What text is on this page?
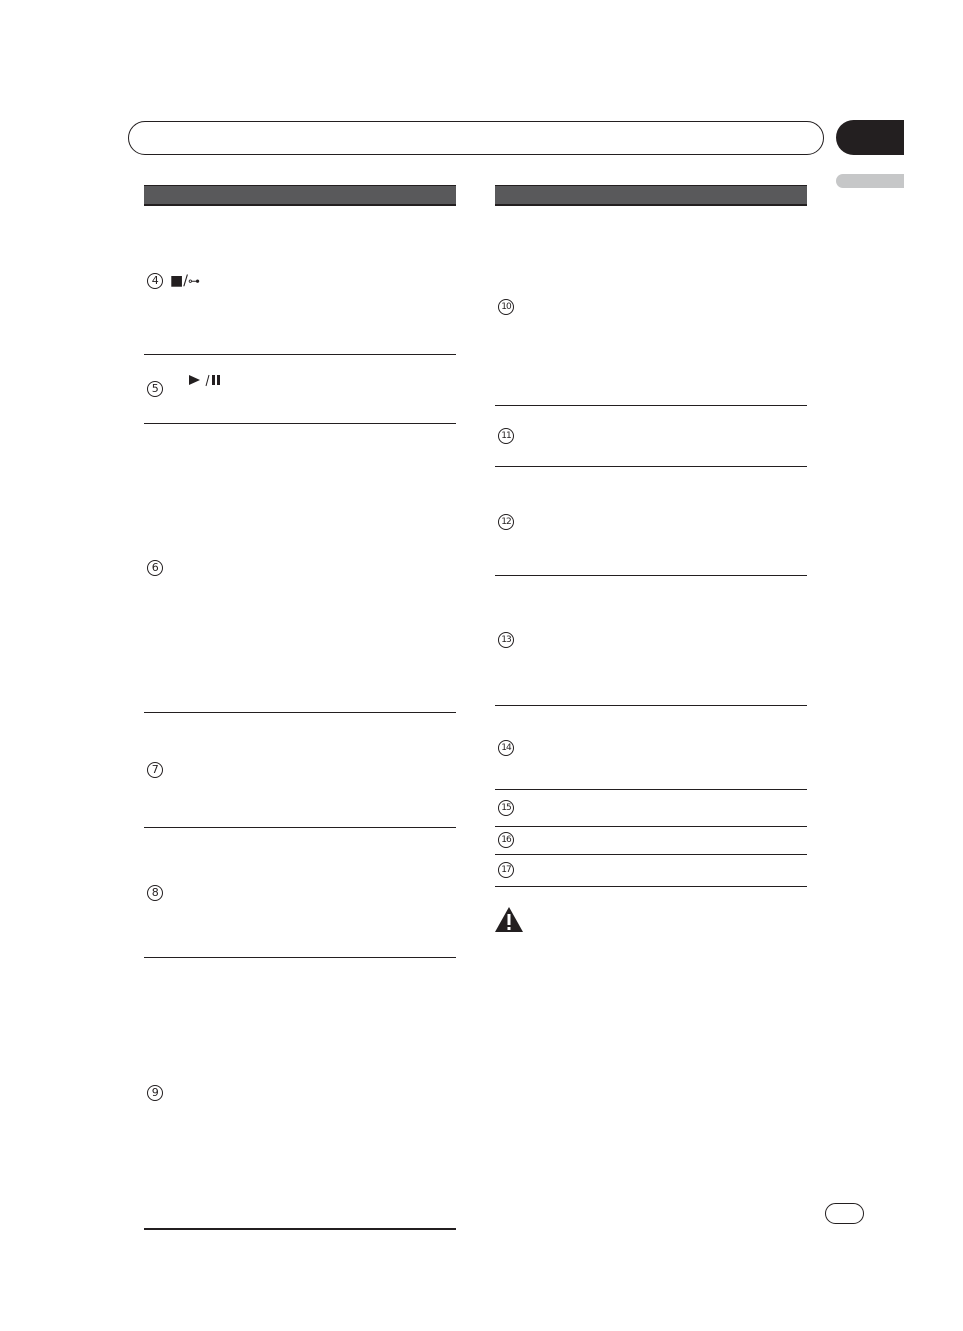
4 ■/⊶
5
6
7
8
9
10
11
12
13
14
15
16
17
